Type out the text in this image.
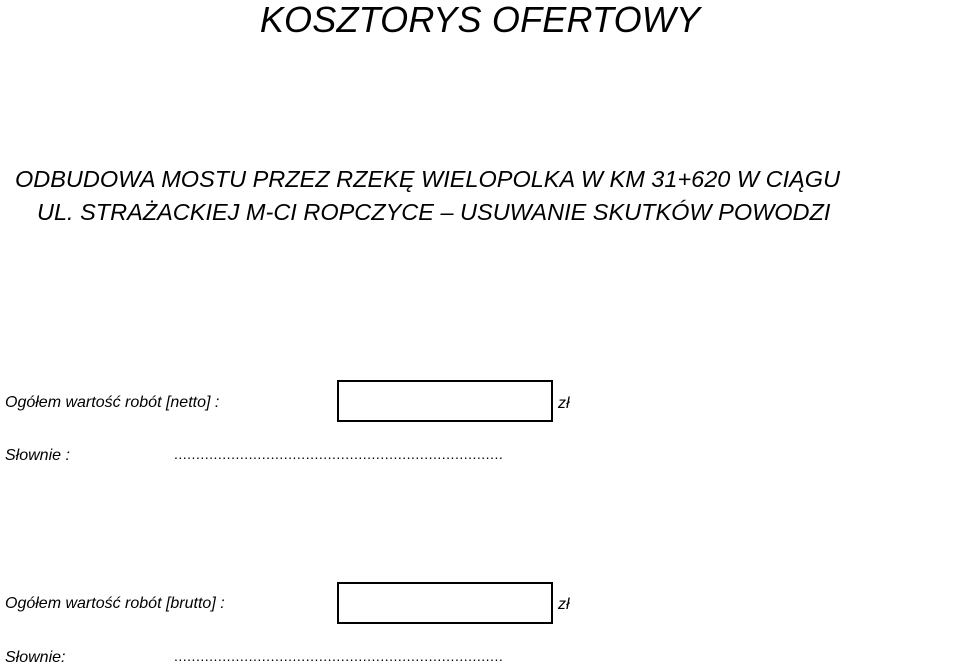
KOSZTORYS OFERTOWY
ODBUDOWA MOSTU PRZEZ RZEKĘ WIELOPOLKA W KM 31+620 W CIĄGU
UL. STRAŻACKIEJ M-CI ROPCZYCE – USUWANIE SKUTKÓW POWODZI
Ogółem wartość robót [netto] :	zł
Słownie :	...........................................................................
Ogółem wartość robót [brutto] :	zł
Słownie:	...........................................................................
